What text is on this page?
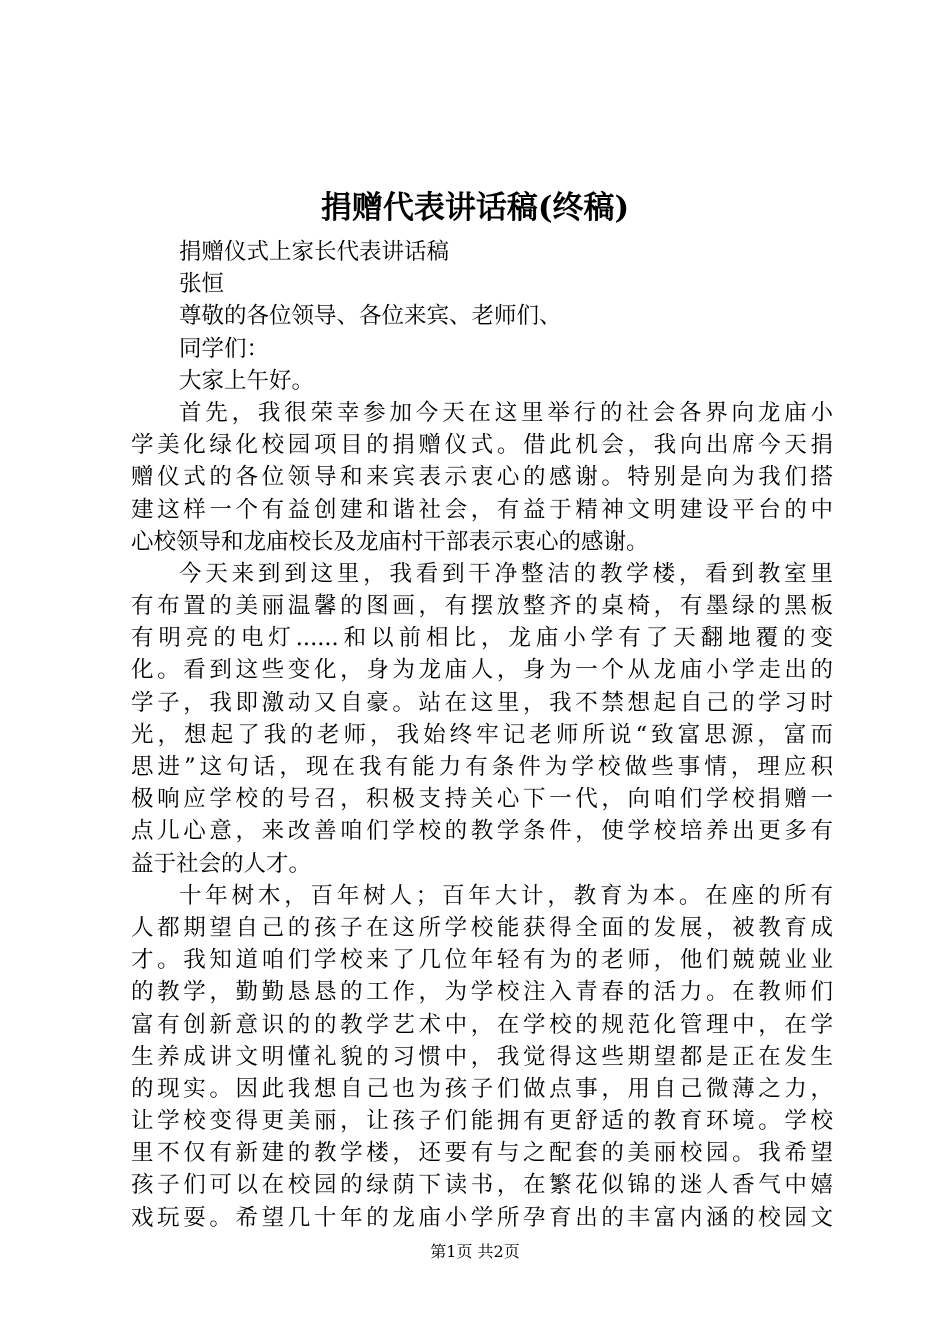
捐赠代表讲话稿(终稿)
捐赠仪式上家长代表讲话稿
张恒
尊敬的各位领导、各位来宾、老师们、
同学们：
大家上午好。
首先，我很荣幸参加今天在这里举行的社会各界向龙庙小
学美化绿化校园项目的捐赠仪式。借此机会，我向出席今天捐
赠仪式的各位领导和来宾表示衷心的感谢。特别是向为我们搭
建这样一个有益创建和谐社会，有益于精神文明建设平台的中
心校领导和龙庙校长及龙庙村干部表示衷心的感谢。
今天来到到这里，我看到干净整洁的教学楼，看到教室里
有布置的美丽温馨的图画，有摆放整齐的桌椅，有墨绿的黑板
有明亮的电灯......和以前相比，龙庙小学有了天翻地覆的变
化。看到这些变化，身为龙庙人，身为一个从龙庙小学走出的
学子，我即激动又自豪。站在这里，我不禁想起自己的学习时
光，想起了我的老师，我始终牢记老师所说“致富思源，富而
思进”这句话，现在我有能力有条件为学校做些事情，理应积
极响应学校的号召，积极支持关心下一代，向咱们学校捐赠一
点儿心意，来改善咱们学校的教学条件，使学校培养出更多有
益于社会的人才。
十年树木，百年树人；百年大计，教育为本。在座的所有
人都期望自己的孩子在这所学校能获得全面的发展，被教育成
才。我知道咱们学校来了几位年轻有为的老师，他们兢兢业业
的教学，勤勤恳恳的工作，为学校注入青春的活力。在教师们
富有创新意识的的教学艺术中，在学校的规范化管理中，在学
生养成讲文明懂礼貌的习惯中，我觉得这些期望都是正在发生
的现实。因此我想自己也为孩子们做点事，用自己微薄之力，
让学校变得更美丽，让孩子们能拥有更舒适的教育环境。学校
里不仅有新建的教学楼，还要有与之配套的美丽校园。我希望
孩子们可以在校园的绿荫下读书，在繁花似锦的迷人香气中嬉
戏玩耍。希望几十年的龙庙小学所孕育出的丰富内涵的校园文
第1页 共2页
